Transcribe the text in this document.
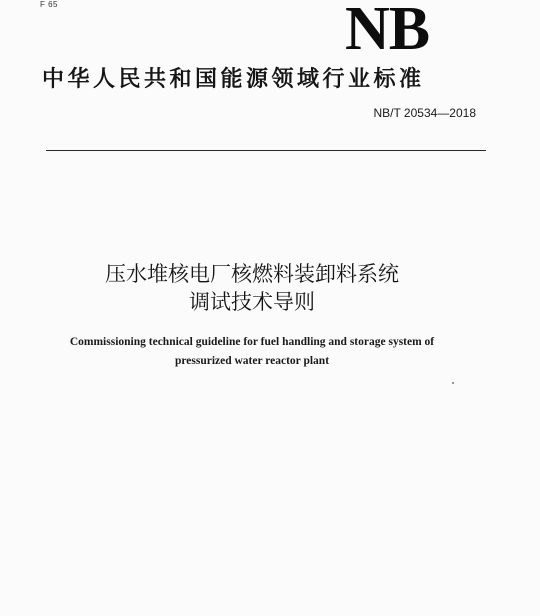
F 65	NB
中华人民共和国能源领域行业标准
NB/T 20534—2018
压水堆核电厂核燃料装卸料系统
调试技术导则
Commissioning technical guideline for fuel handling and storage system of
pressurized water reactor plant
